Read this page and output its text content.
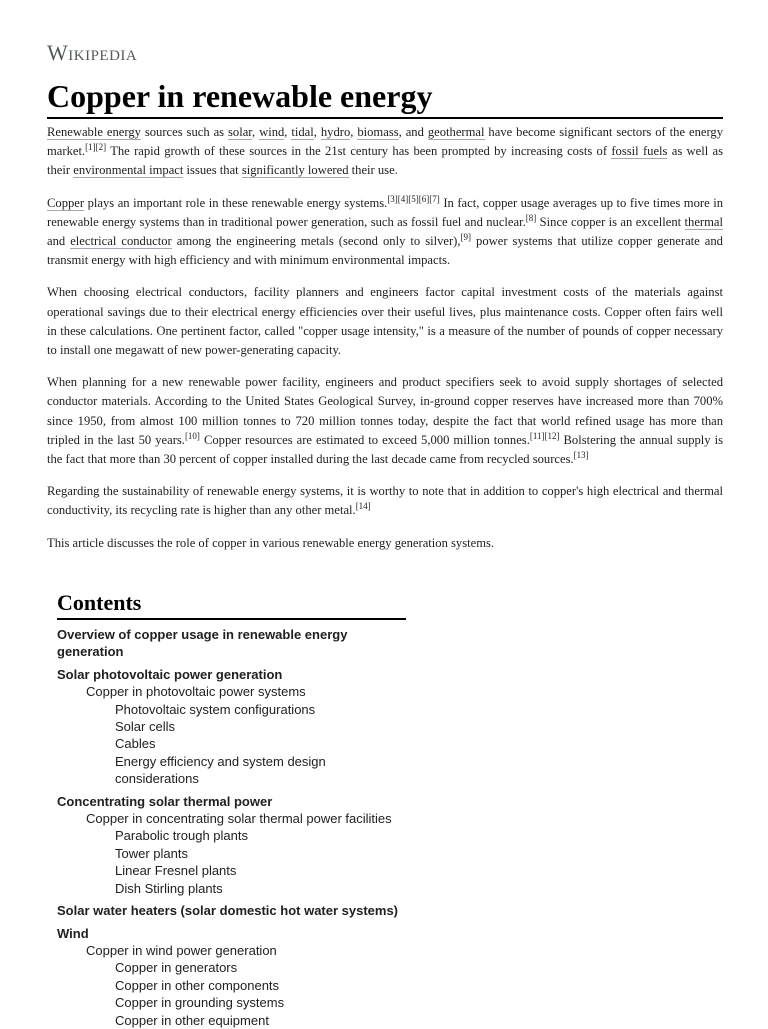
Wikipedia
Copper in renewable energy

Renewable energy sources such as solar, wind, tidal, hydro, biomass, and geothermal have become significant sectors of the energy market.[1][2] The rapid growth of these sources in the 21st century has been prompted by increasing costs of fossil fuels as well as their environmental impact issues that significantly lowered their use.

Copper plays an important role in these renewable energy systems.[3][4][5][6][7] In fact, copper usage averages up to five times more in renewable energy systems than in traditional power generation, such as fossil fuel and nuclear.[8] Since copper is an excellent thermal and electrical conductor among the engineering metals (second only to silver),[9] power systems that utilize copper generate and transmit energy with high efficiency and with minimum environmental impacts.

When choosing electrical conductors, facility planners and engineers factor capital investment costs of the materials against operational savings due to their electrical energy efficiencies over their useful lives, plus maintenance costs. Copper often fairs well in these calculations. One pertinent factor, called "copper usage intensity," is a measure of the number of pounds of copper necessary to install one megawatt of new power-generating capacity.

When planning for a new renewable power facility, engineers and product specifiers seek to avoid supply shortages of selected conductor materials. According to the United States Geological Survey, in-ground copper reserves have increased more than 700% since 1950, from almost 100 million tonnes to 720 million tonnes today, despite the fact that world refined usage has more than tripled in the last 50 years.[10] Copper resources are estimated to exceed 5,000 million tonnes.[11][12] Bolstering the annual supply is the fact that more than 30 percent of copper installed during the last decade came from recycled sources.[13]

Regarding the sustainability of renewable energy systems, it is worthy to note that in addition to copper's high electrical and thermal conductivity, its recycling rate is higher than any other metal.[14]

This article discusses the role of copper in various renewable energy generation systems.

Contents
Overview of copper usage in renewable energy generation
Solar photovoltaic power generation
Copper in photovoltaic power systems
Photovoltaic system configurations
Solar cells
Cables
Energy efficiency and system design considerations
Concentrating solar thermal power
Copper in concentrating solar thermal power facilities
Parabolic trough plants
Tower plants
Linear Fresnel plants
Dish Stirling plants
Solar water heaters (solar domestic hot water systems)
Wind
Copper in wind power generation
Copper in generators
Copper in other components
Copper in grounding systems
Copper in other equipment
